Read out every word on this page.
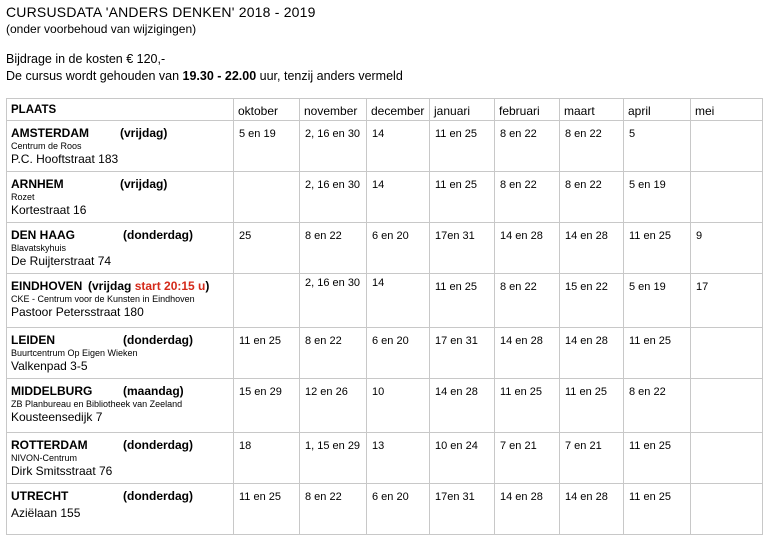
CURSUSDATA 'ANDERS DENKEN' 2018 - 2019
(onder voorbehoud van wijzigingen)
Bijdrage in de kosten € 120,-
De cursus wordt gehouden van 19.30 - 22.00 uur, tenzij anders vermeld
PLAATS	oktober	november	december	januari	februari	maart	april	mei
AMSTERDAM (vrijdag)
Centrum de Roos
P.C. Hooftstraat 183	5 en 19	2, 16 en 30	14	11 en 25	8 en 22	8 en 22	5	
ARNHEM (vrijdag)
Rozet
Kortestraat 16		2, 16 en 30	14	11 en 25	8 en 22	8 en 22	5 en 19	
DEN HAAG (donderdag)
Blavatskyhuis
De Ruijterstraat 74	25	8 en 22	6 en 20	17en 31	14 en 28	14 en 28	11 en 25	9
EINDHOVEN (vrijdag start 20:15 u)
CKE - Centrum voor de Kunsten in Eindhoven
Pastoor Petersstraat 180		2, 16 en 30	14	11 en 25	8 en 22	15 en 22	5 en 19	17
LEIDEN (donderdag)
Buurtcentrum Op Eigen Wieken
Valkenpad 3-5	11 en 25	8 en 22	6 en 20	17 en 31	14 en 28	14 en 28	11 en 25	
MIDDELBURG (maandag)
ZB Planbureau en Bibliotheek van Zeeland
Kousteensedijk 7	15 en 29	12 en 26	10	14 en 28	11 en 25	11 en 25	8 en 22	
ROTTERDAM (donderdag)
NIVON-Centrum
Dirk Smitsstraat 76	18	1, 15 en 29	13	10 en 24	7 en 21	7 en 21	11 en 25	
UTRECHT (donderdag)
Aziëlaan 155	11 en 25	8 en 22	6 en 20	17en 31	14 en 28	14 en 28	11 en 25	
